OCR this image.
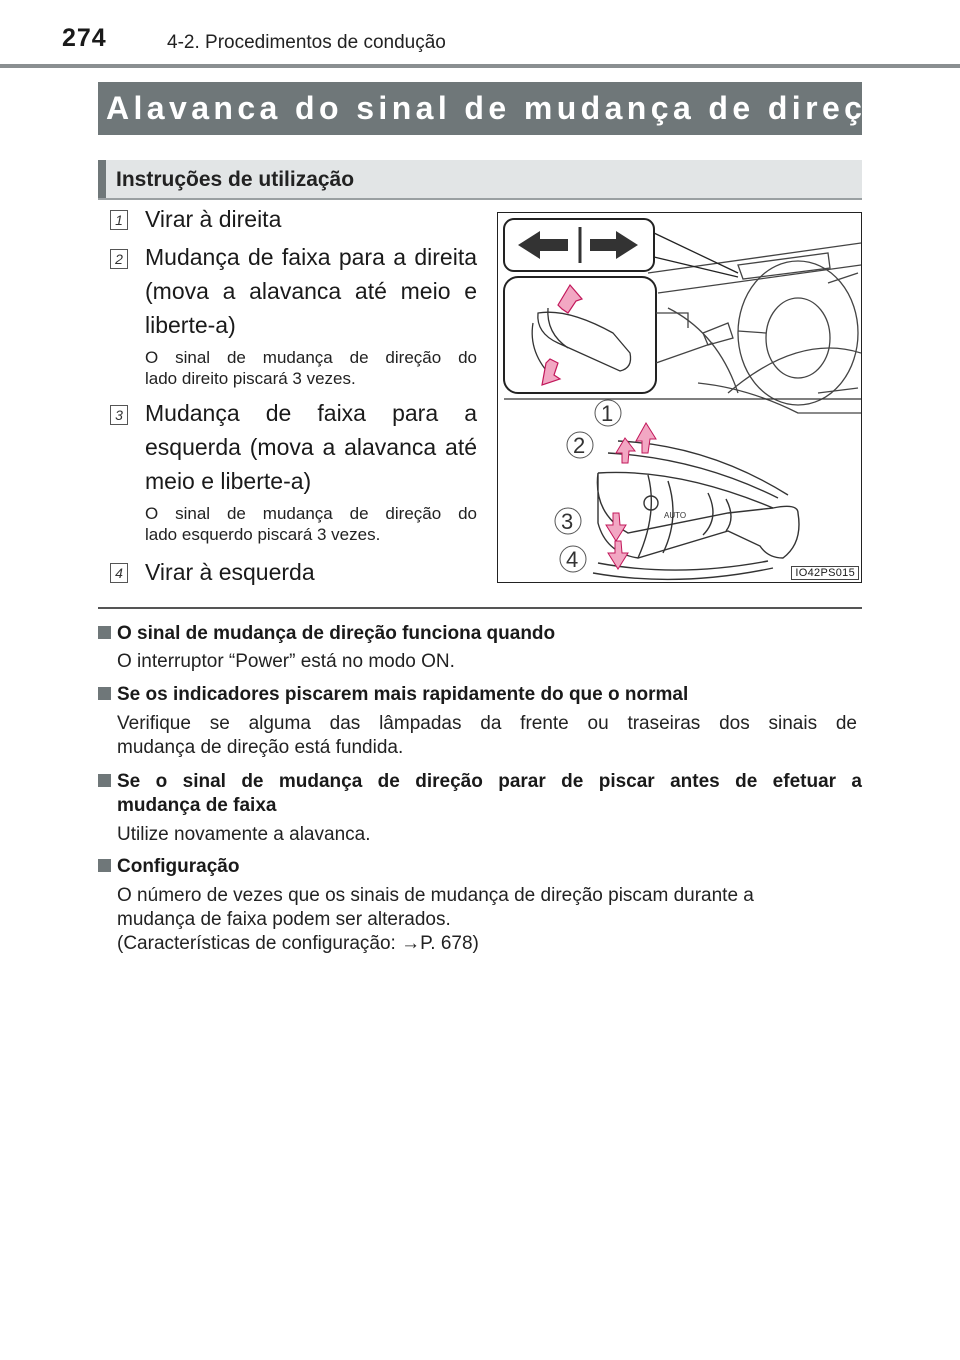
274	4-2. Procedimentos de condução
Alavanca do sinal de mudança de direção
Instruções de utilização
1 Virar à direita
2 Mudança de faixa para a direita
(mova a alavanca até meio e
liberte-a)
O sinal de mudança de direção do
lado direito piscará 3 vezes.
3 Mudança de faixa para a
esquerda (mova a alavanca até
meio e liberte-a)
O sinal de mudança de direção do
lado esquerdo piscará 3 vezes.
4 Virar à esquerda
AUTO
1
2
3
4
IO42PS015
O sinal de mudança de direção funciona quando
O interruptor “Power” está no modo ON.
Se os indicadores piscarem mais rapidamente do que o normal
Verifique se alguma das lâmpadas da frente ou traseiras dos sinais de
mudança de direção está fundida.
Se o sinal de mudança de direção parar de piscar antes de efetuar a
mudança de faixa
Utilize novamente a alavanca.
Configuração
O número de vezes que os sinais de mudança de direção piscam durante a
mudança de faixa podem ser alterados.
(Características de configuração: →P. 678)
